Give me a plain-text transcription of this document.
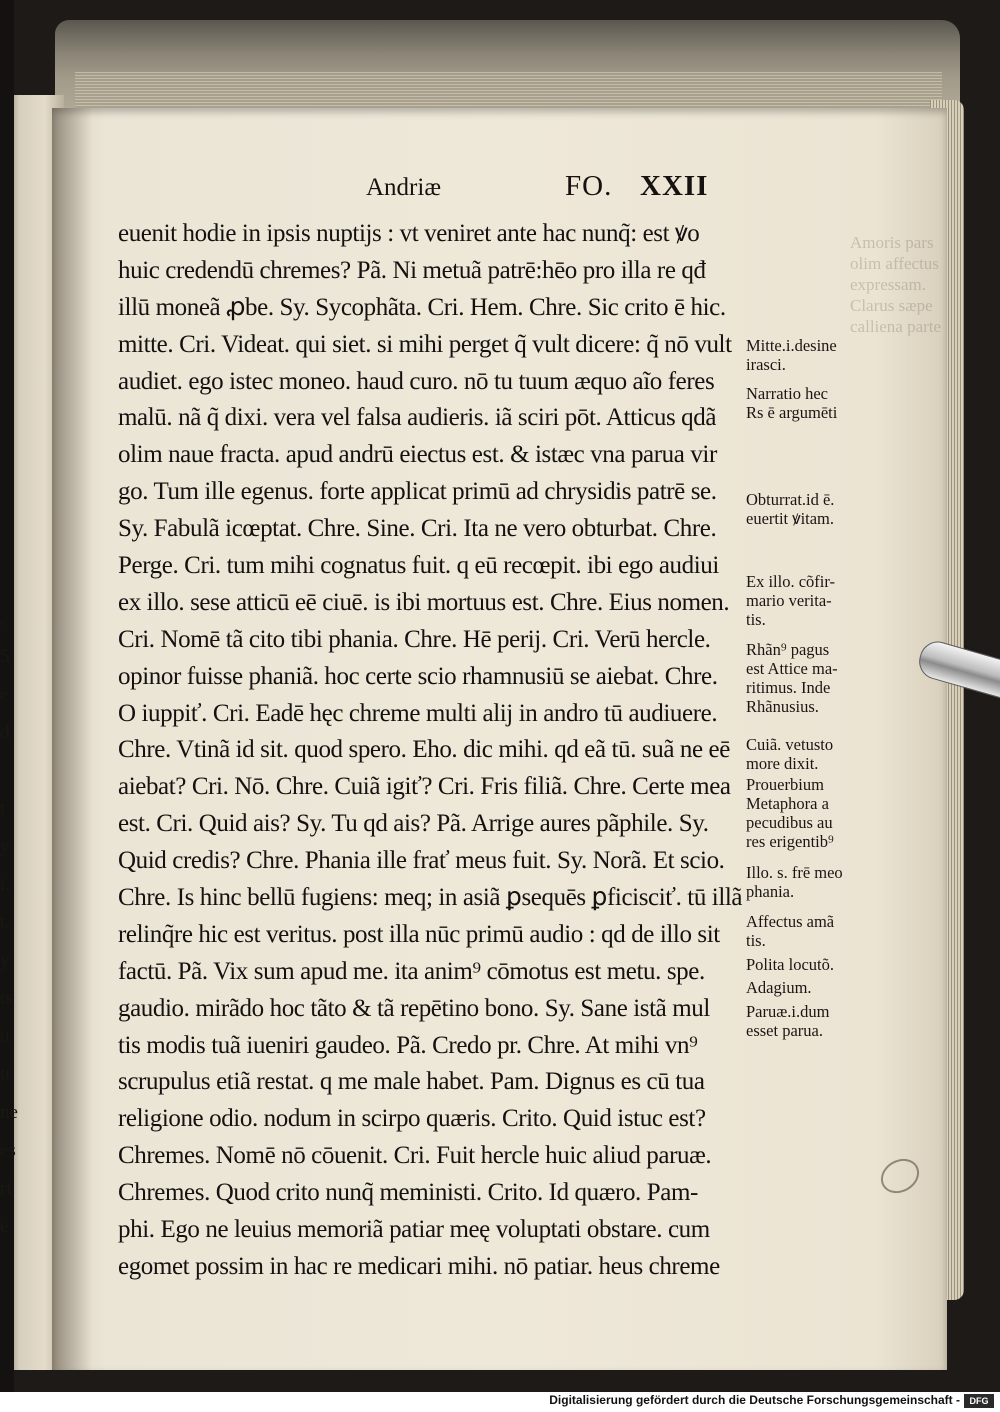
Amoris pars
olim affectus
expressam.
Clarus sæpe
calliena parte
,
5
e
d

t
y
i.
t.
y
ts
u
tt
ne
es
rt
e
Andriæ	FO. XXII
euenit hodie in ipsis nuptijs : vt veniret ante hac nunq̃: est ꝟo
huic credendū chremes? Pã. Ni metuã patrē:hēo pro illa re qđ
illū moneã ꝓbe. Sy. Sycophãta. Cri. Hem. Chre. Sic crito ē hic.
mitte. Cri. Videat. qui siet. si mihi perget q̃ vult dicere: q̃ nō vult
audiet. ego istec moneo. haud curo. nō tu tuum æquo aĩo feres
malū. nã q̃ dixi. vera vel falsa audieris. iã sciri pōt. Atticus qdã
olim naue fracta. apud andrū eiectus est. & istæc vna parua vir
go. Tum ille egenus. forte applicat primū ad chrysidis patrē se.
Sy. Fabulã icœptat. Chre. Sine. Cri. Ita ne vero obturbat. Chre.
Perge. Cri. tum mihi cognatus fuit. q eū recœpit. ibi ego audiui
ex illo. sese atticū eē ciuē. is ibi mortuus est. Chre. Eius nomen.
Cri. Nomē tã cito tibi phania. Chre. Hē perij. Cri. Verū hercle.
opinor fuisse phaniã. hoc certe scio rhamnusiū se aiebat. Chre.
O iuppiť. Cri. Eadē hęc chreme multi alij in andro tū audiuere.
Chre. Vtinã id sit. quod spero. Eho. dic mihi. qd eã tū. suã ne eē
aiebat? Cri. Nō. Chre. Cuiã igiť? Cri. Fris filiã. Chre. Certe mea
est. Cri. Quid ais? Sy. Tu qd ais? Pã. Arrige aures pãphile. Sy.
Quid credis? Chre. Phania ille frať meus fuit. Sy. Norã. Et scio.
Chre. Is hinc bellū fugiens: meq; in asiã ꝑsequēs ꝑficisciť. tū illã
relinq̃re hic est veritus. post illa nūc primū audio : qd de illo sit
factū. Pã. Vix sum apud me. ita anim⁹ cōmotus est metu. spe.
gaudio. mirãdo hoc tãto & tã repētino bono. Sy. Sane istã mul
tis modis tuã iueniri gaudeo. Pã. Credo pr. Chre. At mihi vn⁹
scrupulus etiã restat. q me male habet. Pam. Dignus es cū tua
religione odio. nodum in scirpo quæris. Crito. Quid istuc est?
Chremes. Nomē nō cōuenit. Cri. Fuit hercle huic aliud paruæ.
Chremes. Quod crito nunq̃ meministi. Crito. Id quæro. Pam-
phi. Ego ne leuius memoriã patiar meę voluptati obstare. cum
egomet possim in hac re medicari mihi. nō patiar. heus chreme
Mitte.i.desine
irasci.
Narratio hec
Rs ē argumēti
Obturrat.id ē.
euertit ꝟitam.
Ex illo. cõfir-
mario verita-
tis.
Rhãn⁹ pagus
est Attice ma-
ritimus. Inde
Rhãnusius.
Cuiã. vetusto
more dixit.
Prouerbium
Metaphora a
pecudibus au
res erigentib⁹
Illo. s. frē meo
phania.
Affectus amã
tis.
Polita locutõ.
Adagium.
Paruæ.i.dum
esset parua.
Digitalisierung gefördert durch die Deutsche Forschungsgemeinschaft -	DFG
